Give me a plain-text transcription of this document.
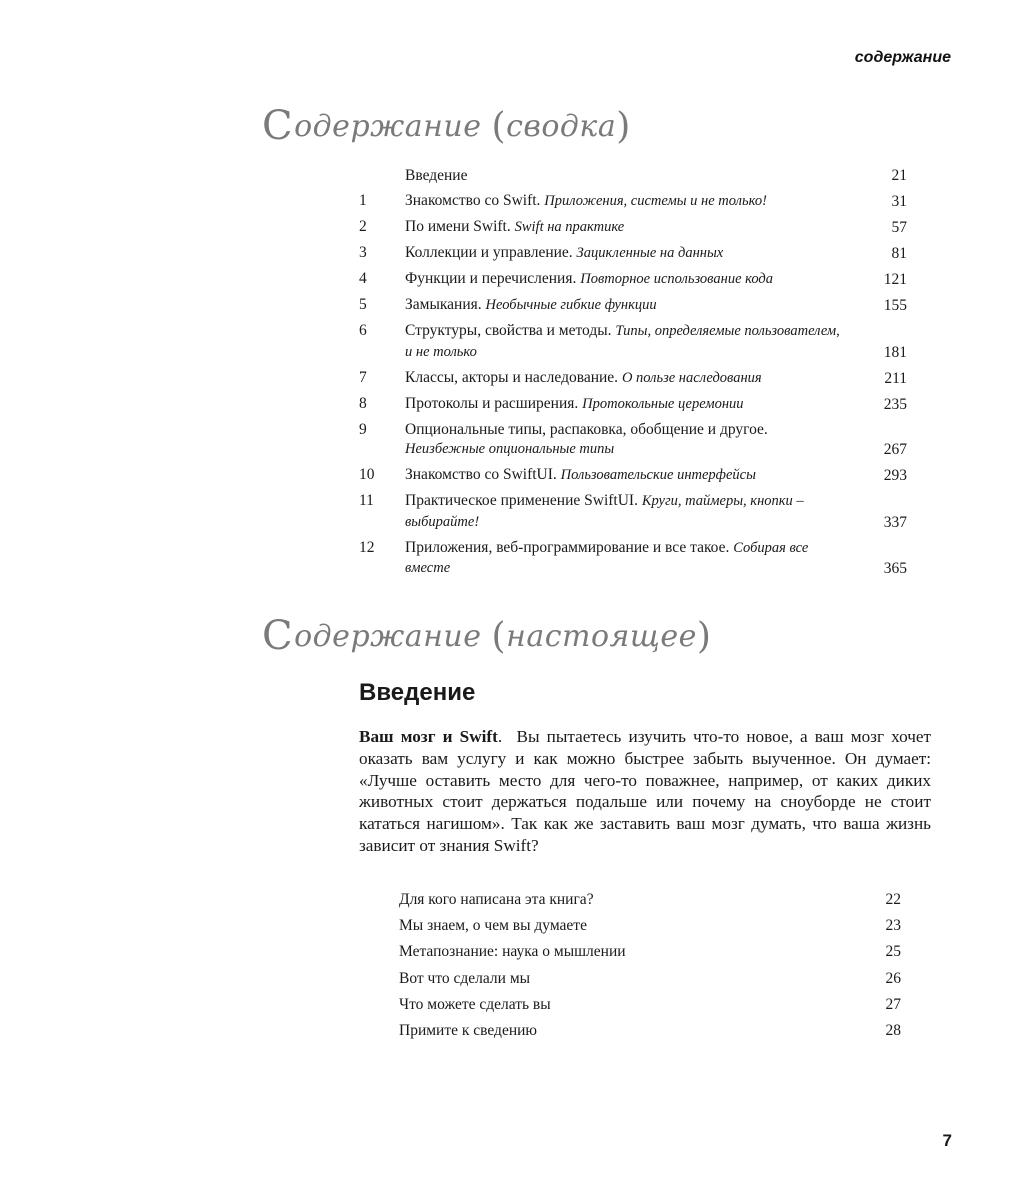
содержание
Содержание (сводка)
Введение	21
1 Знакомство со Swift. Приложения, системы и не только!	31
2 По имени Swift. Swift на практике	57
3 Коллекции и управление. Зацикленные на данных	81
4 Функции и перечисления. Повторное использование кода	121
5 Замыкания. Необычные гибкие функции	155
6 Структуры, свойства и методы. Типы, определяемые пользователем, и не только	181
7 Классы, акторы и наследование. О пользе наследования	211
8 Протоколы и расширения. Протокольные церемонии	235
9 Опциональные типы, распаковка, обобщение и другое. Неизбежные опциональные типы	267
10 Знакомство со SwiftUI. Пользовательские интерфейсы	293
11 Практическое применение SwiftUI. Круги, таймеры, кнопки – выбирайте!	337
12 Приложения, веб-программирование и все такое. Собирая все вместе	365
Содержание (настоящее)
Введение
Ваш мозг и Swift.  Вы пытаетесь изучить что-то новое, а ваш мозг хочет оказать вам услугу и как можно быстрее забыть выученное. Он думает: «Лучше оставить место для чего-то поважнее, например, от каких диких животных стоит держаться подальше или почему на сноуборде не стоит кататься нагишом». Так как же заставить ваш мозг думать, что ваша жизнь зависит от знания Swift?
Для кого написана эта книга?	22
Мы знаем, о чем вы думаете	23
Метапознание: наука о мышлении	25
Вот что сделали мы	26
Что можете сделать вы	27
Примите к сведению	28
7
